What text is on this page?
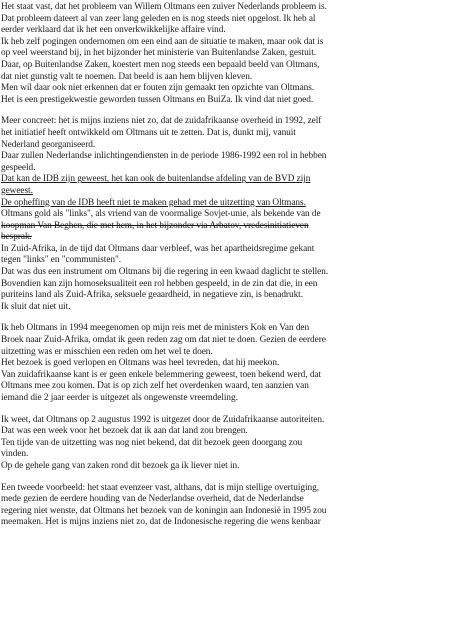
Het staat vast, dat het probleem van Willem Oltmans een zuiver Nederlands probleem is.
Dat probleem dateert al van zeer lang geleden en is nog steeds niet opgelost. Ik heb al
eerder verklaard dat ik het een onverkwikkelijke affaire vind.
Ik heb zelf pogingen ondernomen om een eind aan de situatie te maken, maar ook dat is
op veel weerstand bij, in het bijzonder het ministerie van Buitenlandse Zaken, gestuit.
Daar, op Buitenlandse Zaken, koestert men nog steeds een bepaald beeld van Oltmans,
dat niet gunstig valt te noemen. Dat beeld is aan hem blijven kleven.
Men wil daar ook niet erkennen dat er fouten zijn gemaakt ten opzichte van Oltmans.
Het is een prestigekwestie geworden tussen Oltmans en BuiZa. Ik vind dat niet goed.
Meer concreet: het is mijns inziens niet zo, dat de zuidafrikaanse overheid in 1992, zelf
het initiatief heeft ontwikkeld om Oltmans uit te zetten. Dat is, dunkt mij, vanuit
Nederland georganiseerd.
Daar zullen Nederlandse inlichtingendiensten in de periode 1986-1992 een rol in hebben
gespeeld.
Dat kan de IDB zijn geweest, het kan ook de buitenlandse afdeling van de BVD zijn
geweest.
De opheffing van de IDB heeft niet te maken gehad met de uitzetting van Oltmans.
Oltmans gold als "links", als vriend van de voormalige Sovjet-unie, als bekende van de
koopman Van Beghen, die met hem, in het bijzonder via Arbatov, vredesinitiatieven
besprak.
In Zuid-Afrika, in de tijd dat Oltmans daar verbleef, was het apartheidsregime gekant
tegen "links" en "communisten".
Dat was dus een instrument om Oltmans bij die regering in een kwaad daglicht te stellen.
Bovendien kan zijn homoseksualiteit een rol hebben gespeeld, in de zin dat die, in een
puriteins land als Zuid-Afrika, seksuele geaardheid, in negatieve zin, is benadrukt.
Ik sluit dat niet uit.
Ik heb Oltmans in 1994 meegenomen op mijn reis met de ministers Kok en Van den
Broek naar Zuid-Afrika, omdat ik geen reden zag om dat niet te doen. Gezien de eerdere
uitzetting was er misschien een reden om het wel te doen.
Het bezoek is goed verlopen en Oltmans was heel tevreden, dat hij meekon.
Van zuidafrikaanse kant is er geen enkele belemmering geweest, toen bekend werd, dat
Oltmans mee zou komen. Dat is op zich zelf het overdenken waard, ten aanzien van
iemand die 2 jaar eerder is uitgezet als ongewenste vreemdeling.
Ik weet, dat Oltmans op 2 augustus 1992 is uitgezet door de Zuidafrikaanse autoriteiten.
Dat was een week voor het bezoek dat ik aan dat land zou brengen.
Ten tijde van de uitzetting was nog niet bekend, dat dit bezoek geen doorgang zou
vinden.
Op de gehele gang van zaken rond dit bezoek ga ik liever niet in.
Een tweede voorbeeld: het staat evenzeer vast, althans, dat is mijn stellige overtuiging,
mede gezien de eerdere houding van de Nederlandse overheid, dat de Nederlandse
regering niet wenste, dat Oltmans het bezoek van de koningin aan Indonesië in 1995 zou
meemaken. Het is mijns inziens niet zo, dat de Indonesische regering die wens kenbaar
